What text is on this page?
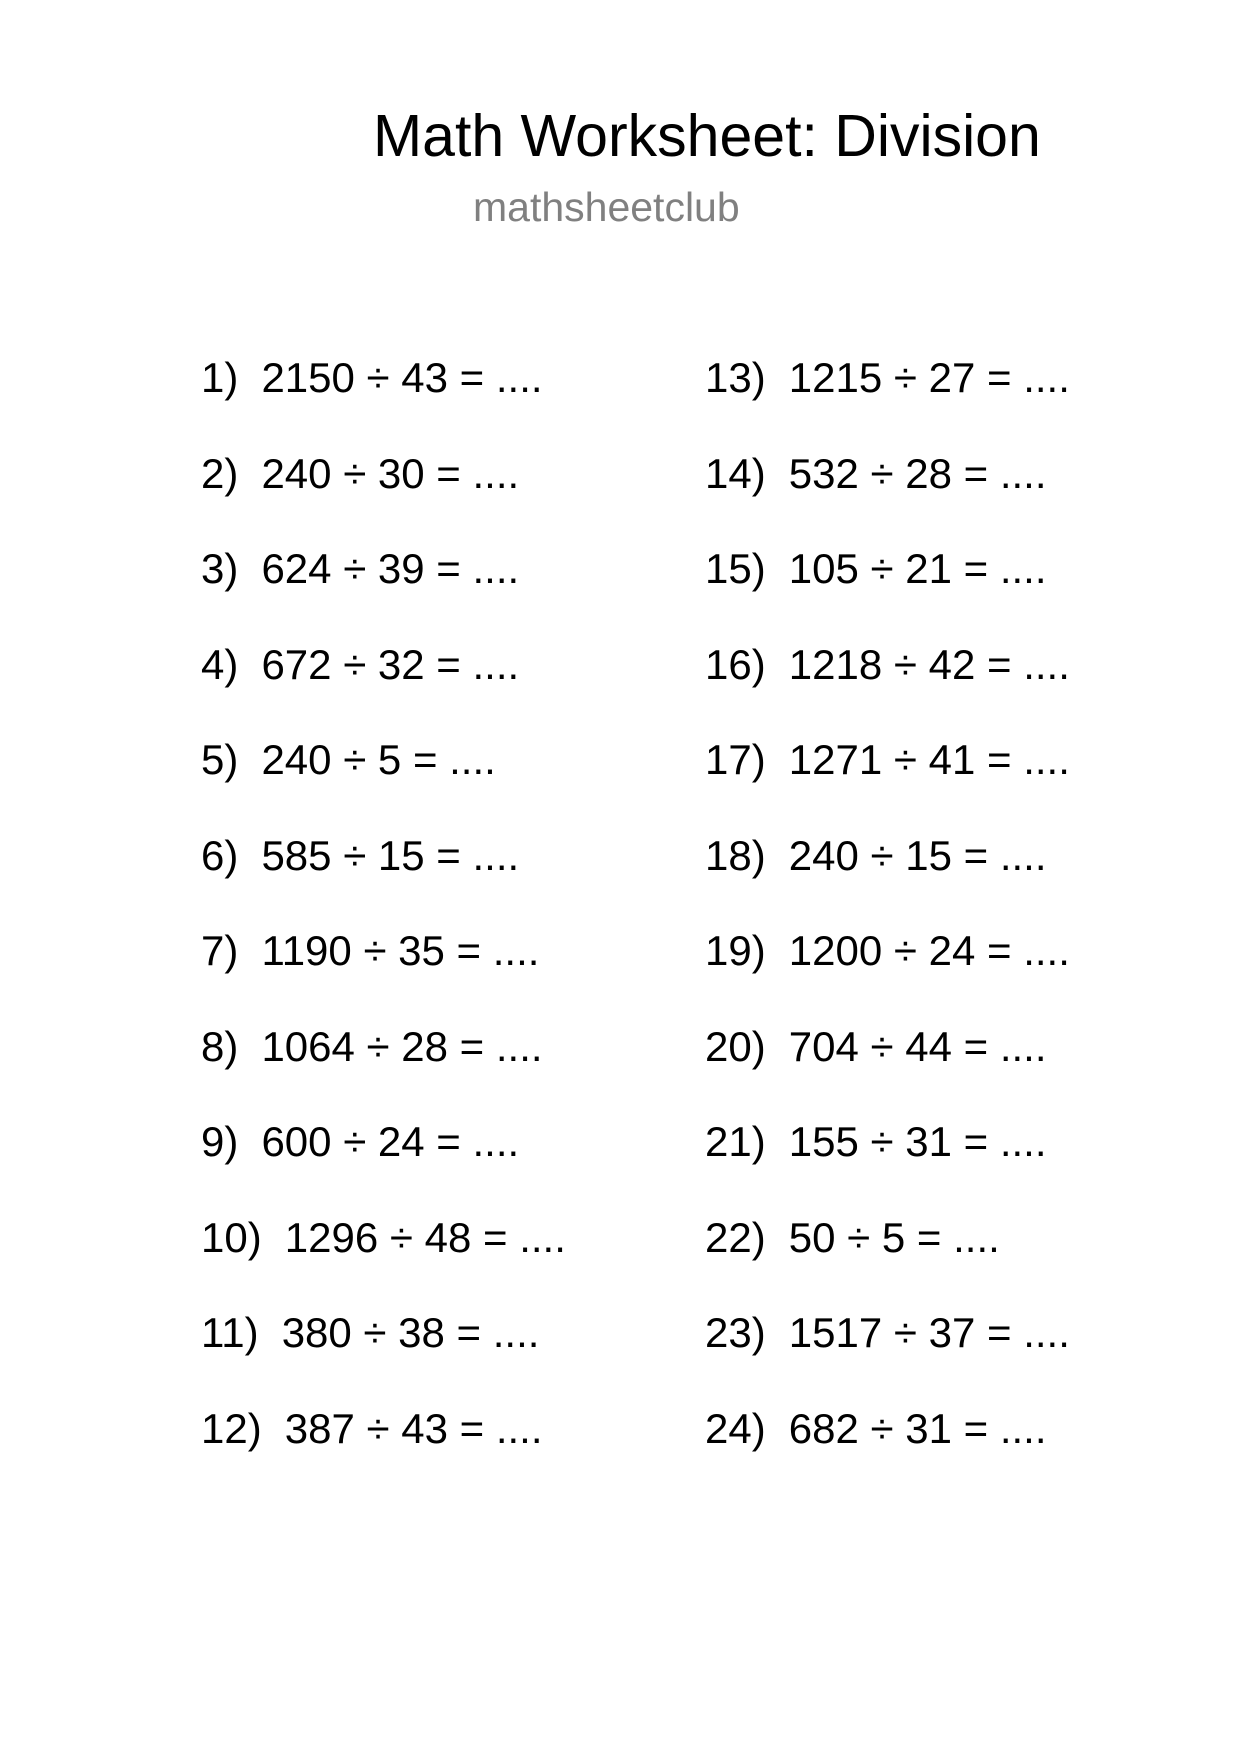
Math Worksheet: Division
mathsheetclub
1) 2150 ÷ 43 = ....
2) 240 ÷ 30 = ....
3) 624 ÷ 39 = ....
4) 672 ÷ 32 = ....
5) 240 ÷ 5 = ....
6) 585 ÷ 15 = ....
7) 1190 ÷ 35 = ....
8) 1064 ÷ 28 = ....
9) 600 ÷ 24 = ....
10) 1296 ÷ 48 = ....
11) 380 ÷ 38 = ....
12) 387 ÷ 43 = ....
13) 1215 ÷ 27 = ....
14) 532 ÷ 28 = ....
15) 105 ÷ 21 = ....
16) 1218 ÷ 42 = ....
17) 1271 ÷ 41 = ....
18) 240 ÷ 15 = ....
19) 1200 ÷ 24 = ....
20) 704 ÷ 44 = ....
21) 155 ÷ 31 = ....
22) 50 ÷ 5 = ....
23) 1517 ÷ 37 = ....
24) 682 ÷ 31 = ....
